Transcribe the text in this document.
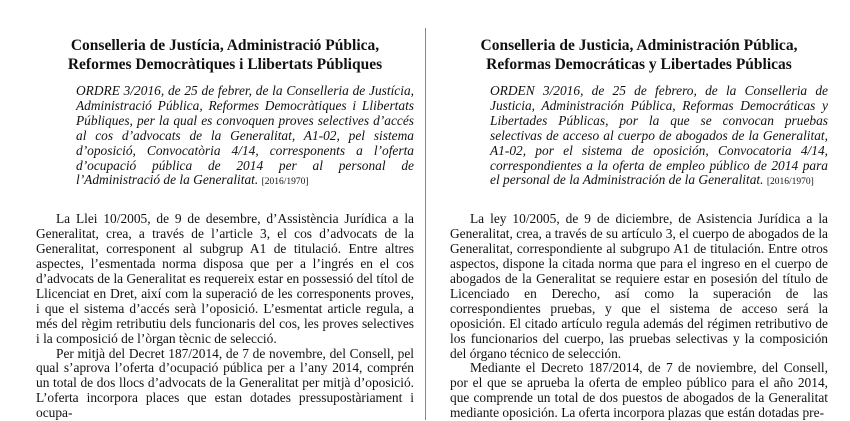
Conselleria de Justícia, Administració Pública,
Reformes Democràtiques i Llibertats Públiques

ORDRE 3/2016, de 25 de febrer, de la Conselleria de Justícia, Administració Pública, Reformes Democràtiques i Llibertats Públiques, per la qual es convoquen proves selectives d’accés al cos d’advocats de la Generalitat, A1-02, pel sistema d’oposició, Convocatòria 4/14, corresponents a l’oferta d’ocupació pública de 2014 per al personal de l’Administració de la Generalitat. [2016/1970]

La Llei 10/2005, de 9 de desembre, d’Assistència Jurídica a la Generalitat, crea, a través de l’article 3, el cos d’advocats de la Generalitat, corresponent al subgrup A1 de titulació. Entre altres aspectes, l’esmentada norma disposa que per a l’ingrés en el cos d’advocats de la Generalitat es requereix estar en possessió del títol de Llicenciat en Dret, així com la superació de les corresponents proves, i que el sistema d’accés serà l’oposició. L’esmentat article regula, a més del règim retributiu dels funcionaris del cos, les proves selectives i la composició de l’òrgan tècnic de selecció.

Per mitjà del Decret 187/2014, de 7 de novembre, del Consell, pel qual s’aprova l’oferta d’ocupació pública per a l’any 2014, comprén un total de dos llocs d’advocats de la Generalitat per mitjà d’oposició. L’oferta incorpora places que estan dotades pressupostàriament i ocupa-

Conselleria de Justicia, Administración Pública,
Reformas Democráticas y Libertades Públicas

ORDEN 3/2016, de 25 de febrero, de la Conselleria de Justicia, Administración Pública, Reformas Democráticas y Libertades Públicas, por la que se convocan pruebas selectivas de acceso al cuerpo de abogados de la Generalitat, A1-02, por el sistema de oposición, Convocatoria 4/14, correspondientes a la oferta de empleo público de 2014 para el personal de la Administración de la Generalitat. [2016/1970]

La ley 10/2005, de 9 de diciembre, de Asistencia Jurídica a la Generalitat, crea, a través de su artículo 3, el cuerpo de abogados de la Generalitat, correspondiente al subgrupo A1 de titulación. Entre otros aspectos, dispone la citada norma que para el ingreso en el cuerpo de abogados de la Generalitat se requiere estar en posesión del título de Licenciado en Derecho, así como la superación de las correspondientes pruebas, y que el sistema de acceso será la oposición. El citado artículo regula además del régimen retributivo de los funcionarios del cuerpo, las pruebas selectivas y la composición del órgano técnico de selección.

Mediante el Decreto 187/2014, de 7 de noviembre, del Consell, por el que se aprueba la oferta de empleo público para el año 2014, que comprende un total de dos puestos de abogados de la Generalitat mediante oposición. La oferta incorpora plazas que están dotadas pre-
